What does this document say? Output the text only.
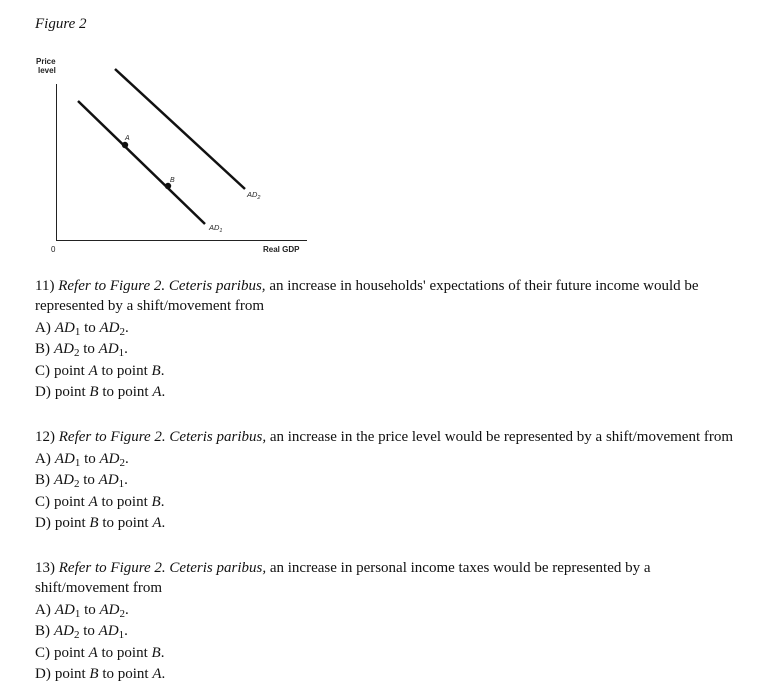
Figure 2
Price
level
0	Real GDP
A
B
$AD_1$
$AD_2$
11) Refer to Figure 2. Ceteris paribus, an increase in households' expectations of their future income would be represented by a shift/movement from
A) $AD_1$ to $AD_2$.
B) $AD_2$ to $AD_1$.
C) point A to point B.
D) point B to point A.
12) Refer to Figure 2. Ceteris paribus, an increase in the price level would be represented by a shift/movement from
A) $AD_1$ to $AD_2$.
B) $AD_2$ to $AD_1$.
C) point A to point B.
D) point B to point A.
13) Refer to Figure 2. Ceteris paribus, an increase in personal income taxes would be represented by a shift/movement from
A) $AD_1$ to $AD_2$.
B) $AD_2$ to $AD_1$.
C) point A to point B.
D) point B to point A.
